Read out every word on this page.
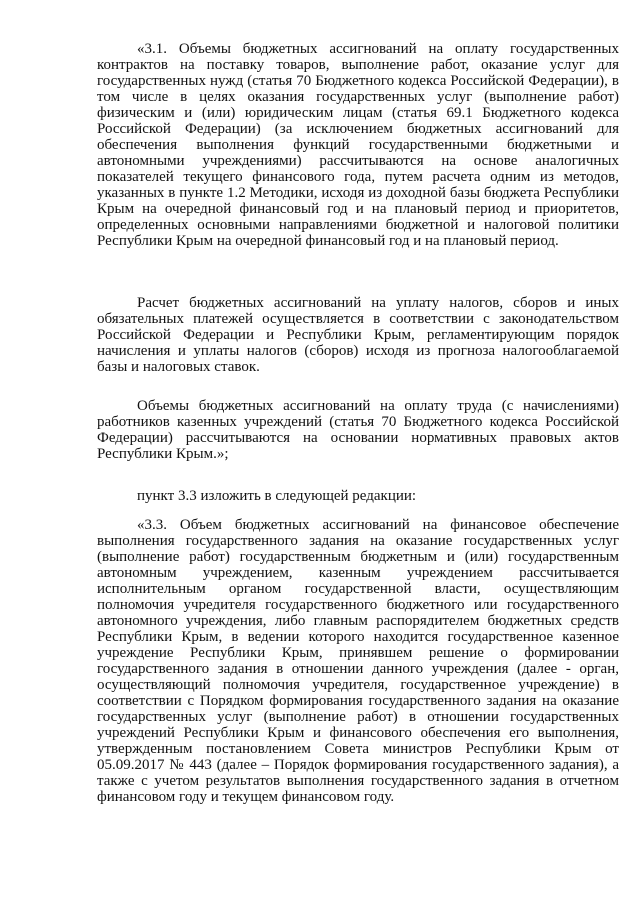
«3.1. Объемы бюджетных ассигнований на оплату государственных контрактов на поставку товаров, выполнение работ, оказание услуг для государственных нужд (статья 70 Бюджетного кодекса Российской Федерации), в том числе в целях оказания государственных услуг (выполнение работ) физическим и (или) юридическим лицам (статья 69.1 Бюджетного кодекса Российской Федерации) (за исключением бюджетных ассигнований для обеспечения выполнения функций государственными бюджетными и автономными учреждениями) рассчитываются на основе аналогичных показателей текущего финансового года, путем расчета одним из методов, указанных в пункте 1.2 Методики, исходя из доходной базы бюджета Республики Крым на очередной финансовый год и на плановый период и приоритетов, определенных основными направлениями бюджетной и налоговой политики Республики Крым на очередной финансовый год и на плановый период.

Расчет бюджетных ассигнований на уплату налогов, сборов и иных обязательных платежей осуществляется в соответствии с законодательством Российской Федерации и Республики Крым, регламентирующим порядок начисления и уплаты налогов (сборов) исходя из прогноза налогооблагаемой базы и налоговых ставок.

Объемы бюджетных ассигнований на оплату труда (с начислениями) работников казенных учреждений (статья 70 Бюджетного кодекса Российской Федерации) рассчитываются на основании нормативных правовых актов Республики Крым.»;

пункт 3.3 изложить в следующей редакции:

«3.3. Объем бюджетных ассигнований на финансовое обеспечение выполнения государственного задания на оказание государственных услуг (выполнение работ) государственным бюджетным и (или) государственным автономным учреждением, казенным учреждением рассчитывается исполнительным органом государственной власти, осуществляющим полномочия учредителя государственного бюджетного или государственного автономного учреждения, либо главным распорядителем бюджетных средств Республики Крым, в ведении которого находится государственное казенное учреждение Республики Крым, принявшем решение о формировании государственного задания в отношении данного учреждения (далее - орган, осуществляющий полномочия учредителя, государственное учреждение) в соответствии с Порядком формирования государственного задания на оказание государственных услуг (выполнение работ) в отношении государственных учреждений Республики Крым и финансового обеспечения его выполнения, утвержденным постановлением Совета министров Республики Крым от 05.09.2017 № 443 (далее – Порядок формирования государственного задания), а также с учетом результатов выполнения государственного задания в отчетном финансовом году и текущем финансовом году.
